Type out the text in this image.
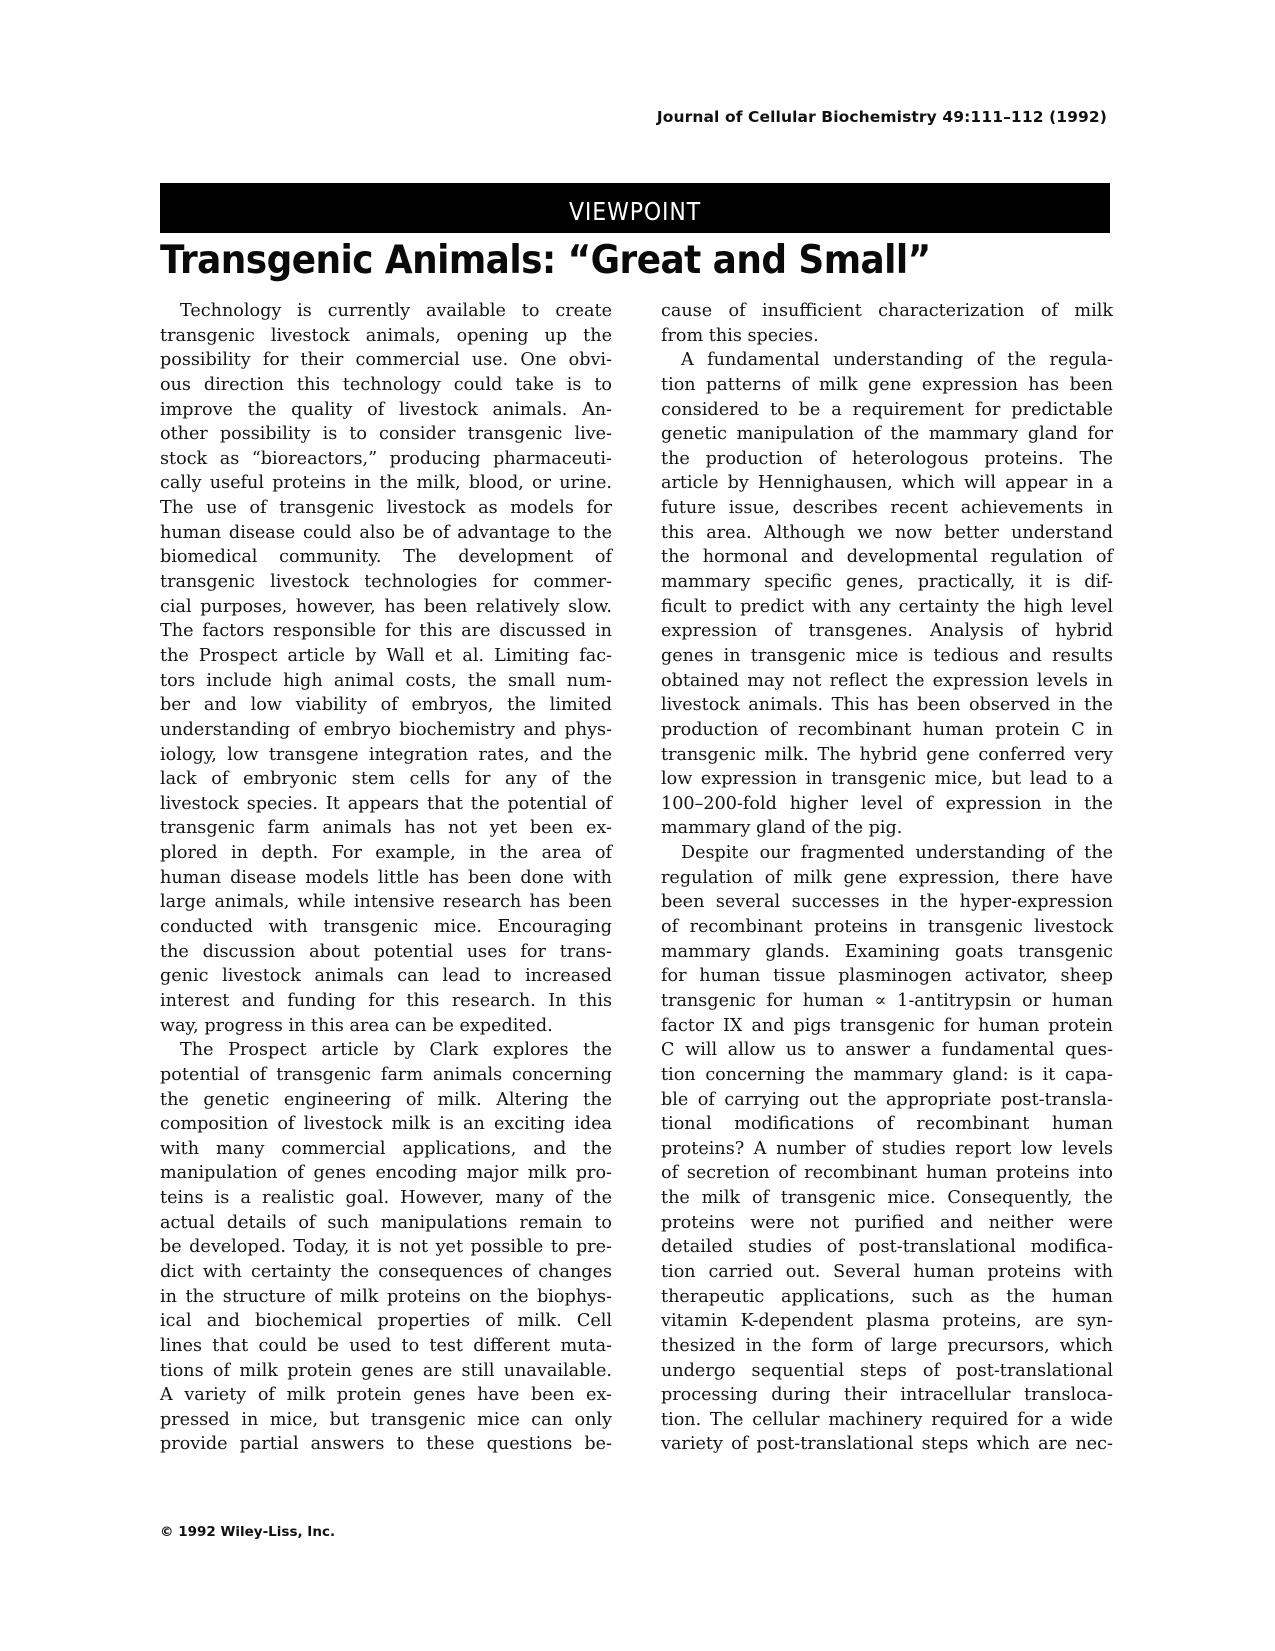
Journal of Cellular Biochemistry 49:111–112 (1992)
VIEWPOINT
Transgenic Animals: “Great and Small”
Technology is currently available to create
transgenic livestock animals, opening up the
possibility for their commercial use. One obvi-
ous direction this technology could take is to
improve the quality of livestock animals. An-
other possibility is to consider transgenic live-
stock as “bioreactors,” producing pharmaceuti-
cally useful proteins in the milk, blood, or urine.
The use of transgenic livestock as models for
human disease could also be of advantage to the
biomedical community. The development of
transgenic livestock technologies for commer-
cial purposes, however, has been relatively slow.
The factors responsible for this are discussed in
the Prospect article by Wall et al. Limiting fac-
tors include high animal costs, the small num-
ber and low viability of embryos, the limited
understanding of embryo biochemistry and phys-
iology, low transgene integration rates, and the
lack of embryonic stem cells for any of the
livestock species. It appears that the potential of
transgenic farm animals has not yet been ex-
plored in depth. For example, in the area of
human disease models little has been done with
large animals, while intensive research has been
conducted with transgenic mice. Encouraging
the discussion about potential uses for trans-
genic livestock animals can lead to increased
interest and funding for this research. In this
way, progress in this area can be expedited.
The Prospect article by Clark explores the
potential of transgenic farm animals concerning
the genetic engineering of milk. Altering the
composition of livestock milk is an exciting idea
with many commercial applications, and the
manipulation of genes encoding major milk pro-
teins is a realistic goal. However, many of the
actual details of such manipulations remain to
be developed. Today, it is not yet possible to pre-
dict with certainty the consequences of changes
in the structure of milk proteins on the biophys-
ical and biochemical properties of milk. Cell
lines that could be used to test different muta-
tions of milk protein genes are still unavailable.
A variety of milk protein genes have been ex-
pressed in mice, but transgenic mice can only
provide partial answers to these questions be-
cause of insufficient characterization of milk
from this species.
A fundamental understanding of the regula-
tion patterns of milk gene expression has been
considered to be a requirement for predictable
genetic manipulation of the mammary gland for
the production of heterologous proteins. The
article by Hennighausen, which will appear in a
future issue, describes recent achievements in
this area. Although we now better understand
the hormonal and developmental regulation of
mammary specific genes, practically, it is dif-
ficult to predict with any certainty the high level
expression of transgenes. Analysis of hybrid
genes in transgenic mice is tedious and results
obtained may not reflect the expression levels in
livestock animals. This has been observed in the
production of recombinant human protein C in
transgenic milk. The hybrid gene conferred very
low expression in transgenic mice, but lead to a
100–200-fold higher level of expression in the
mammary gland of the pig.
Despite our fragmented understanding of the
regulation of milk gene expression, there have
been several successes in the hyper-expression
of recombinant proteins in transgenic livestock
mammary glands. Examining goats transgenic
for human tissue plasminogen activator, sheep
transgenic for human ∝ 1-antitrypsin or human
factor IX and pigs transgenic for human protein
C will allow us to answer a fundamental ques-
tion concerning the mammary gland: is it capa-
ble of carrying out the appropriate post-transla-
tional modifications of recombinant human
proteins? A number of studies report low levels
of secretion of recombinant human proteins into
the milk of transgenic mice. Consequently, the
proteins were not purified and neither were
detailed studies of post-translational modifica-
tion carried out. Several human proteins with
therapeutic applications, such as the human
vitamin K-dependent plasma proteins, are syn-
thesized in the form of large precursors, which
undergo sequential steps of post-translational
processing during their intracellular transloca-
tion. The cellular machinery required for a wide
variety of post-translational steps which are nec-
© 1992 Wiley-Liss, Inc.
